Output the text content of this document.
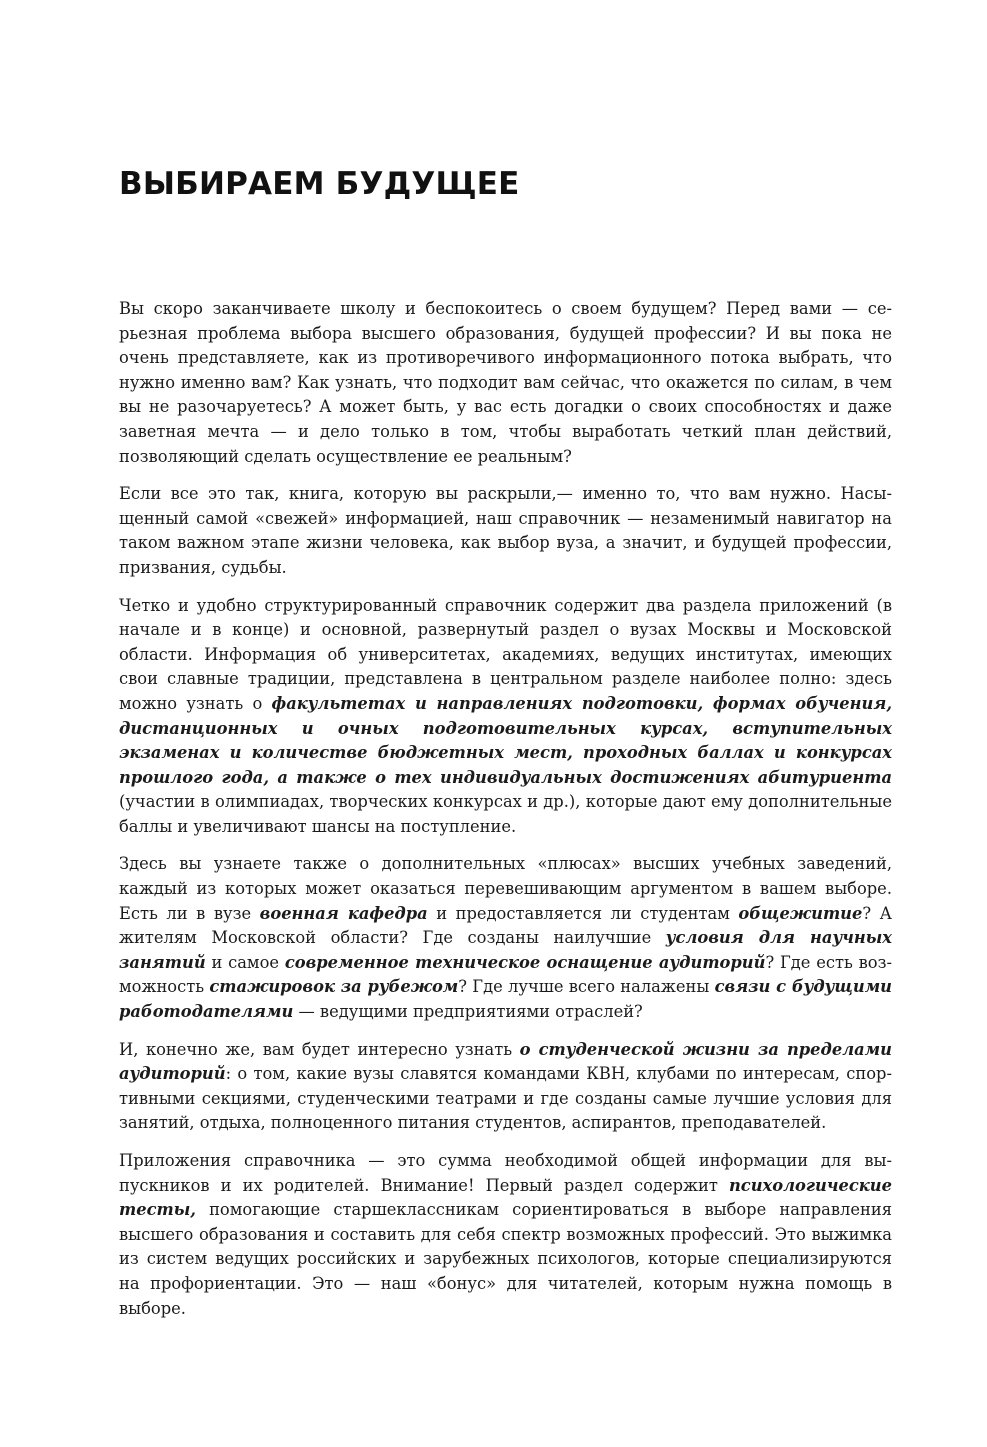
ВЫБИРАЕМ БУДУЩЕЕ

Вы скоро заканчиваете школу и беспокоитесь о своем будущем? Перед вами — серьезная проблема выбора высшего образования, будущей профессии? И вы пока не очень представляете, как из противоречивого информационного потока выбрать, что нужно именно вам? Как узнать, что подходит вам сейчас, что окажется по силам, в чем вы не разочаруетесь? А может быть, у вас есть догадки о своих способностях и даже заветная мечта — и дело только в том, чтобы выработать четкий план действий, позволяющий сделать осуществление ее реальным?

Если все это так, книга, которую вы раскрыли,— именно то, что вам нужно. Насыщенный самой «свежей» информацией, наш справочник — незаменимый навигатор на таком важном этапе жизни человека, как выбор вуза, а значит, и будущей профессии, призвания, судьбы.

Четко и удобно структурированный справочник содержит два раздела приложений (в начале и в конце) и основной, развернутый раздел о вузах Москвы и Московской области. Информация об университетах, академиях, ведущих институтах, имеющих свои славные традиции, представлена в центральном разделе наиболее полно: здесь можно узнать о факультетах и направлениях подготовки, формах обучения, дистанционных и очных подготовительных курсах, вступительных экзаменах и количестве бюджетных мест, проходных баллах и конкурсах прошлого года, а также о тех индивидуальных достижениях абитуриента (участии в олимпиадах, творческих конкурсах и др.), которые дают ему дополнительные баллы и увеличивают шансы на поступление.

Здесь вы узнаете также о дополнительных «плюсах» высших учебных заведений, каждый из которых может оказаться перевешивающим аргументом в вашем выборе. Есть ли в вузе военная кафедра и предоставляется ли студентам общежитие? А жителям Московской области? Где созданы наилучшие условия для научных занятий и самое современное техническое оснащение аудиторий? Где есть возможность стажировок за рубежом? Где лучше всего налажены связи с будущими работодателями — ведущими предприятиями отраслей?

И, конечно же, вам будет интересно узнать о студенческой жизни за пределами аудиторий: о том, какие вузы славятся командами КВН, клубами по интересам, спортивными секциями, студенческими театрами и где созданы самые лучшие условия для занятий, отдыха, полноценного питания студентов, аспирантов, преподавателей.

Приложения справочника — это сумма необходимой общей информации для выпускников и их родителей. Внимание! Первый раздел содержит психологические тесты, помогающие старшеклассникам сориентироваться в выборе направления высшего образования и составить для себя спектр возможных профессий. Это выжимка из систем ведущих российских и зарубежных психологов, которые специализируются на профориентации. Это — наш «бонус» для читателей, которым нужна помощь в выборе.
